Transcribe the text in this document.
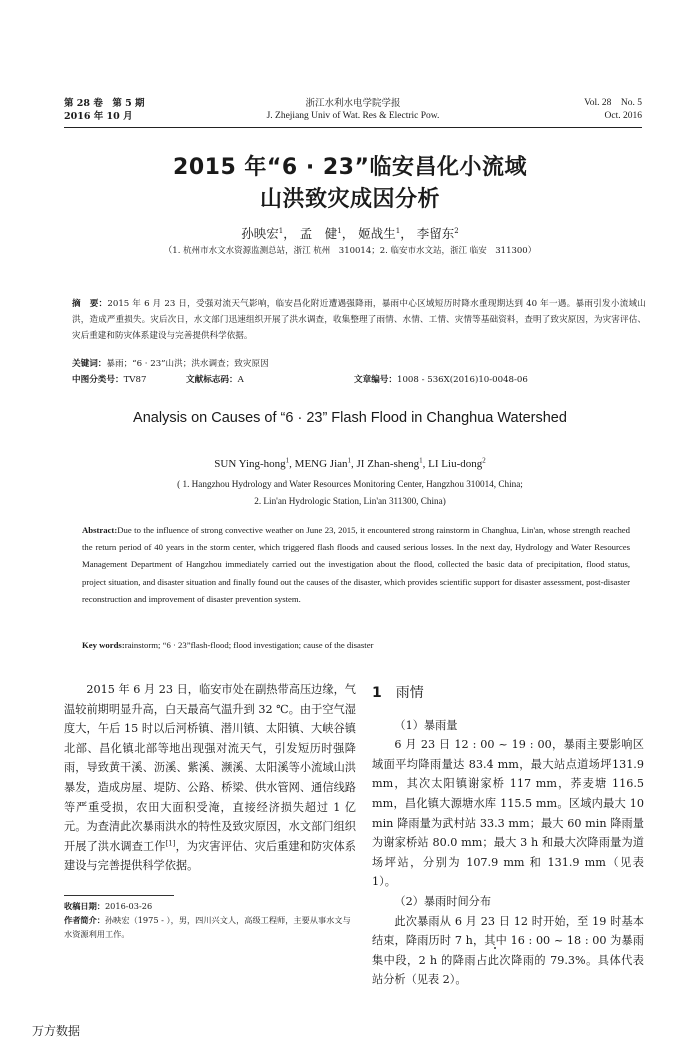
第 28 卷　第 5 期
2016 年 10 月
浙江水利水电学院学报
J. Zhejiang Univ of Wat. Res & Electric Pow.
Vol. 28　No. 5
Oct. 2016
2015 年“6 · 23”临安昌化小流域
山洪致灾成因分析
孙映宏$^1$， 孟　健$^1$， 姬战生$^1$， 李留东$^2$
（1. 杭州市水文水资源监测总站，浙江 杭州　310014；2. 临安市水文站，浙江 临安　311300）
摘　要：2015 年 6 月 23 日，受强对流天气影响，临安昌化附近遭遇强降雨，暴雨中心区域短历时降水重现期达到 40 年一遇。暴雨引发小流域山洪，造成严重损失。灾后次日，水文部门迅速组织开展了洪水调查，收集整理了雨情、水情、工情、灾情等基础资料，查明了致灾原因，为灾害评估、灾后重建和防灾体系建设与完善提供科学依据。
关键词：暴雨；“6 · 23”山洪；洪水调查；致灾原因
中图分类号：TV87	文献标志码：A	文章编号：1008 - 536X(2016)10-0048-06
Analysis on Causes of “6 · 23” Flash Flood in Changhua Watershed
SUN Ying-hong$^1$, MENG Jian$^1$, JI Zhan-sheng$^1$, LI Liu-dong$^2$
( 1. Hangzhou Hydrology and Water Resources Monitoring Center, Hangzhou 310014, China;
2. Lin'an Hydrologic Station, Lin'an 311300, China)
Abstract:Due to the influence of strong convective weather on June 23, 2015, it encountered strong rainstorm in Changhua, Lin'an, whose strength reached the return period of 40 years in the storm center, which triggered flash floods and caused serious losses. In the next day, Hydrology and Water Resources Management Department of Hangzhou immediately carried out the investigation about the flood, collected the basic data of precipitation, flood status, project situation, and disaster situation and finally found out the causes of the disaster, which provides scientific support for disaster assessment, post-disaster reconstruction and improvement of disaster prevention system.
Key words:rainstorm; “6 · 23”flash-flood; flood investigation; cause of the disaster

2015 年 6 月 23 日，临安市处在副热带高压边缘，气温较前期明显升高，白天最高气温升到 32 ℃。由于空气湿度大，午后 15 时以后河桥镇、潜川镇、太阳镇、大峡谷镇北部、昌化镇北部等地出现强对流天气，引发短历时强降雨，导致黄干溪、沥溪、紫溪、濒溪、太阳溪等小流域山洪暴发，造成房屋、堤防、公路、桥梁、供水管网、通信线路等严重受损，农田大面积受淹，直接经济损失超过 1 亿元。为查清此次暴雨洪水的特性及致灾原因，水文部门组织开展了洪水调查工作[1]，为灾害评估、灾后重建和防灾体系建设与完善提供科学依据。

收稿日期：2016-03-26
作者简介：孙映宏（1975 - ），男，四川兴文人，高级工程师，主要从事水文与水资源利用工作。
1 雨情
（1）暴雨量

6 月 23 日 12 : 00 ~ 19 : 00，暴雨主要影响区域面平均降雨量达 83.4 mm，最大站点道场坪131.9 mm，其次太阳镇谢家桥 117 mm，荞麦塘 116.5 mm，昌化镇大源塘水库 115.5 mm。区域内最大 10 min 降雨量为武村站 33.3 mm；最大 60 min 降雨量为谢家桥站 80.0 mm；最大 3 h 和最大次降雨量为道场坪站，分别为 107.9 mm 和 131.9 mm（见表 1）。

（2）暴雨时间分布

此次暴雨从 6 月 23 日 12 时开始，至 19 时基本结束，降雨历时 7 h，其中 16 : 00 ~ 18 : 00 为暴雨集中段，2 h 的降雨占此次降雨的 79.3%。具体代表站分析（见表 2）。

万方数据
